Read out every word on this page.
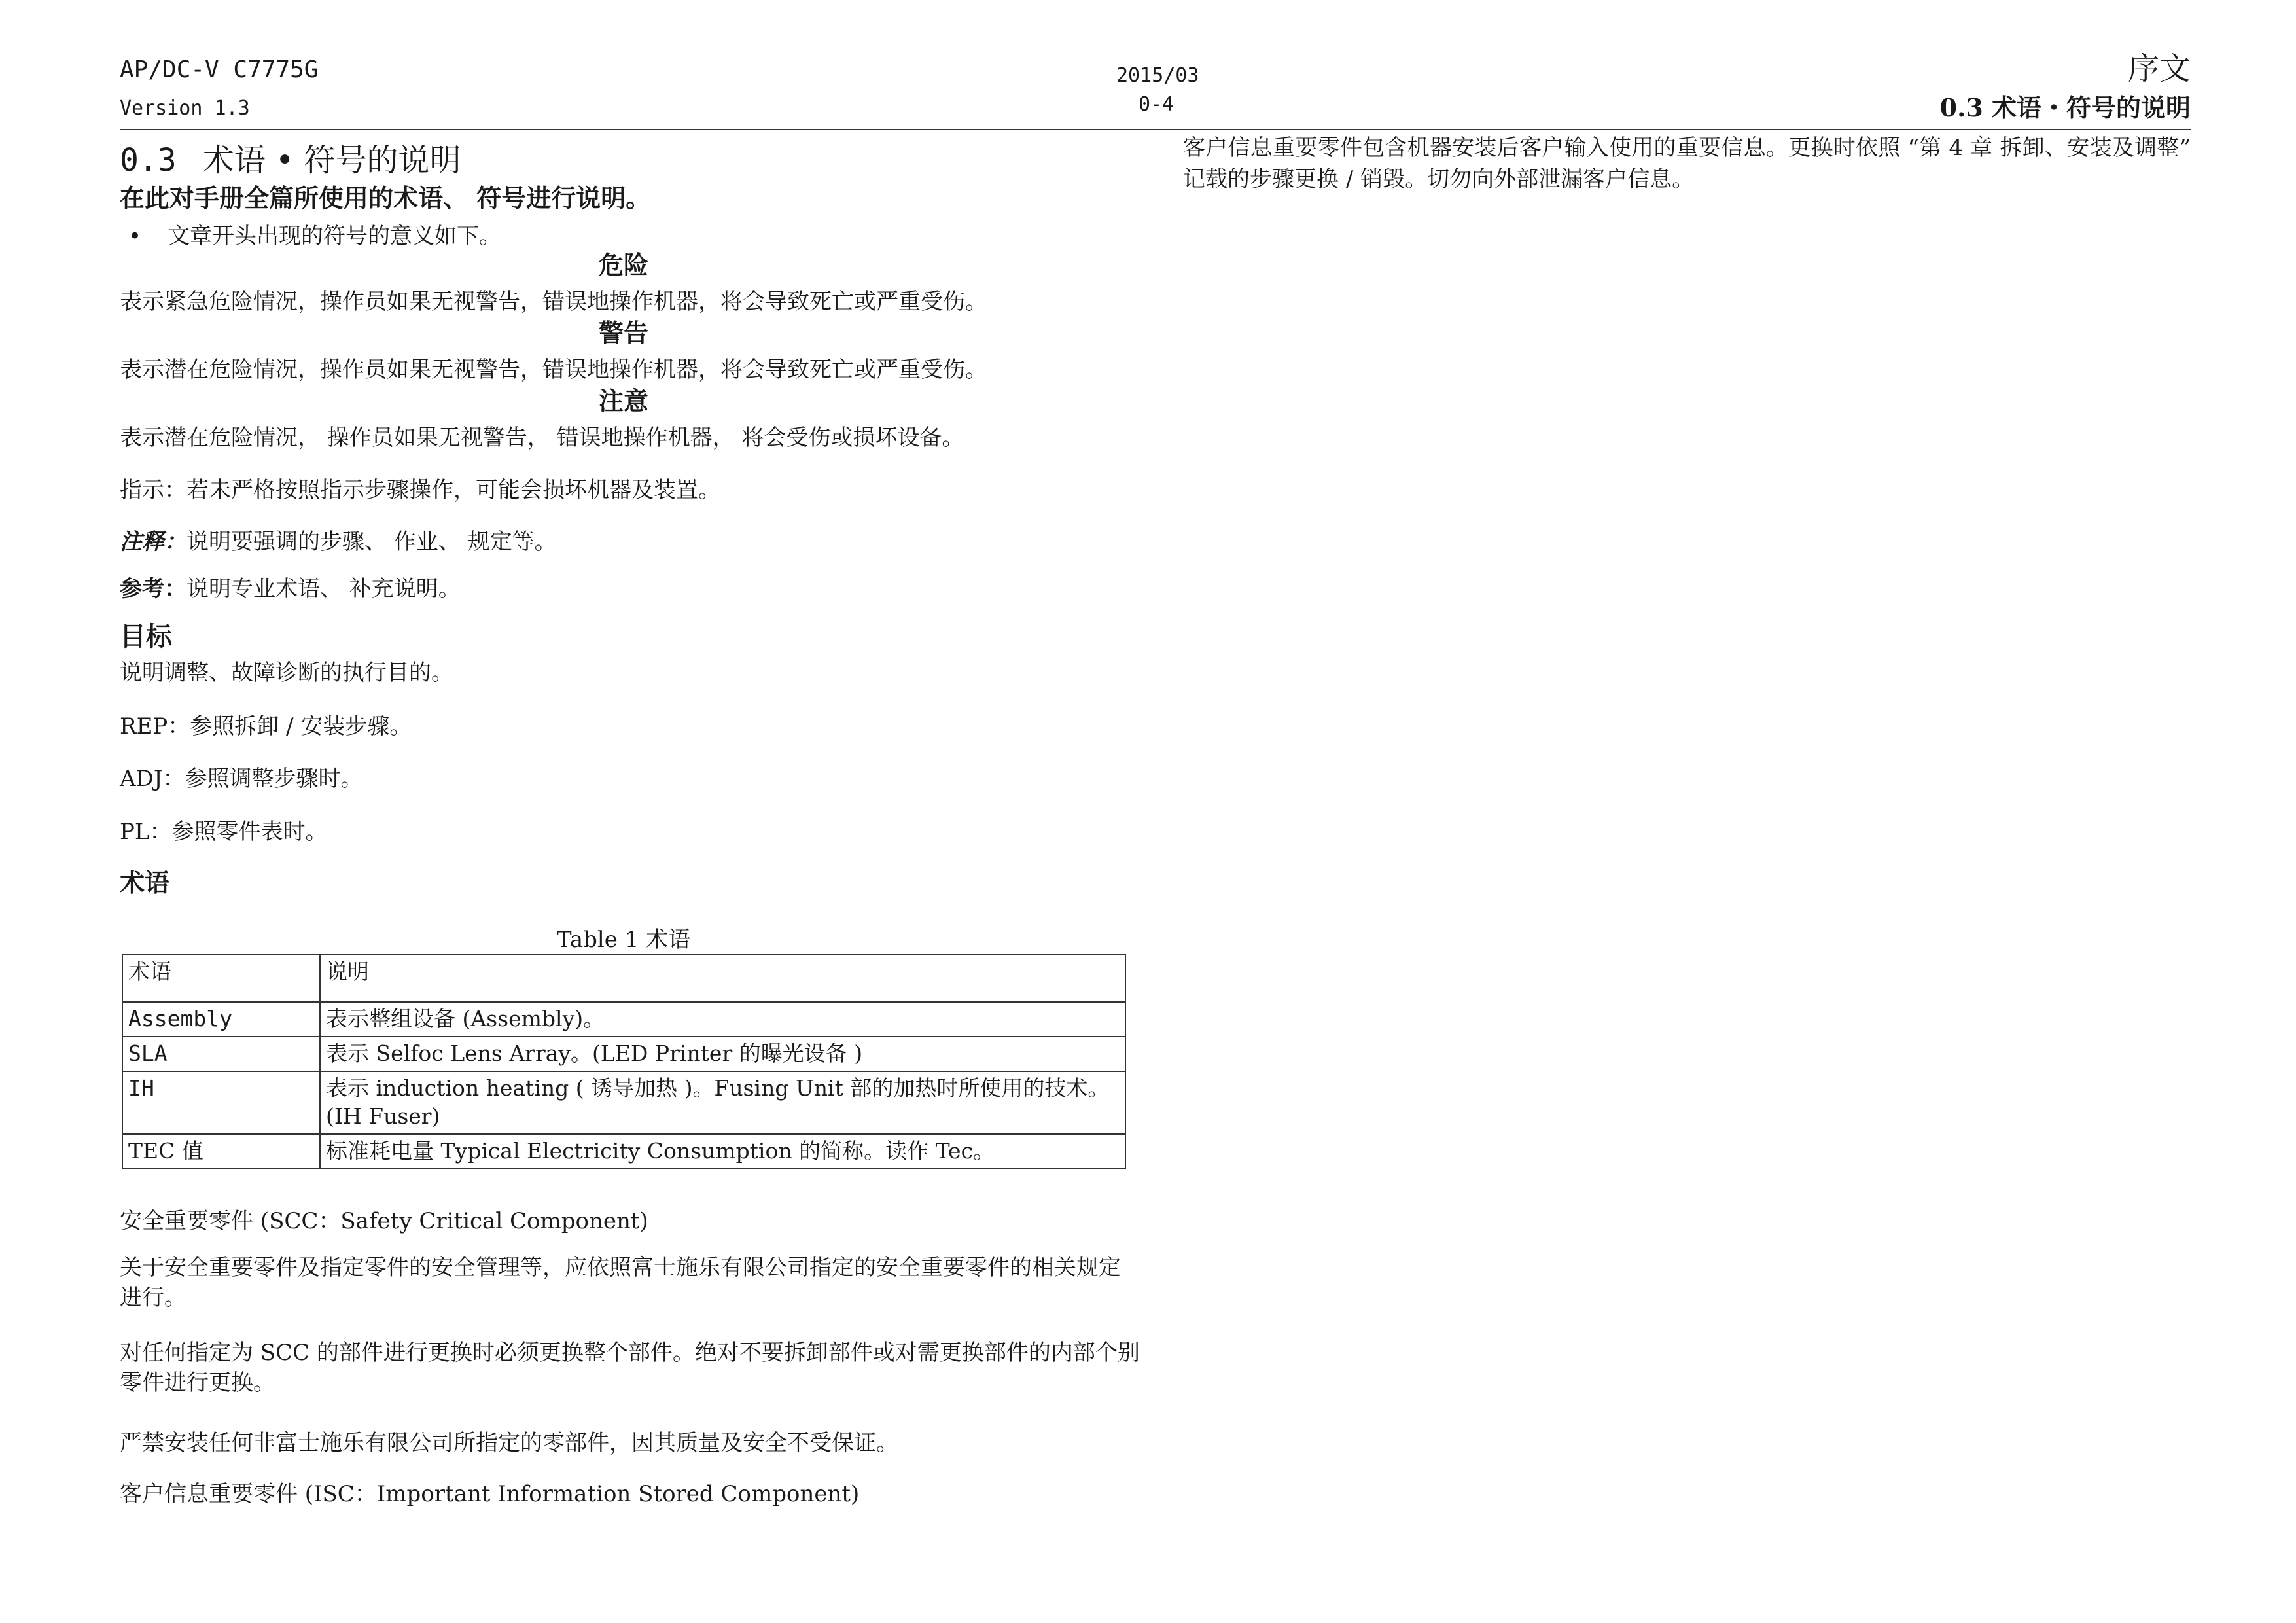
AP/DC-V C7775G
Version 1.3
2015/03
0-4
序文
0.3 术语・符号的说明
0.3 术语 • 符号的说明
在此对手册全篇所使用的术语、 符号进行说明。
• 文章开头出现的符号的意义如下。
危险
表示紧急危险情况，操作员如果无视警告，错误地操作机器，将会导致死亡或严重受伤。
警告
表示潜在危险情况，操作员如果无视警告，错误地操作机器，将会导致死亡或严重受伤。
注意
表示潜在危险情况， 操作员如果无视警告， 错误地操作机器， 将会受伤或损坏设备。
指示：若未严格按照指示步骤操作，可能会损坏机器及装置。
注释：说明要强调的步骤、 作业、 规定等。
参考：说明专业术语、 补充说明。
目标
说明调整、故障诊断的执行目的。
REP：参照拆卸 / 安装步骤。
ADJ：参照调整步骤时。
PL：参照零件表时。
术语
Table 1 术语
术语	说明
Assembly	表示整组设备 (Assembly)。
SLA	表示 Selfoc Lens Array。(LED Printer 的曝光设备 )
IH	表示 induction heating ( 诱导加热 )。Fusing Unit 部的加热时所使用的技术。(IH Fuser)
TEC 值	标准耗电量 Typical Electricity Consumption 的简称。读作 Tec。
安全重要零件 (SCC：Safety Critical Component)
关于安全重要零件及指定零件的安全管理等，应依照富士施乐有限公司指定的安全重要零件的相关规定进行。
对任何指定为 SCC 的部件进行更换时必须更换整个部件。绝对不要拆卸部件或对需更换部件的内部个别零件进行更换。
严禁安装任何非富士施乐有限公司所指定的零部件，因其质量及安全不受保证。
客户信息重要零件 (ISC：Important Information Stored Component)
客户信息重要零件包含机器安装后客户输入使用的重要信息。更换时依照 “第 4 章 拆卸、安装及调整” 记载的步骤更换 / 销毁。切勿向外部泄漏客户信息。
